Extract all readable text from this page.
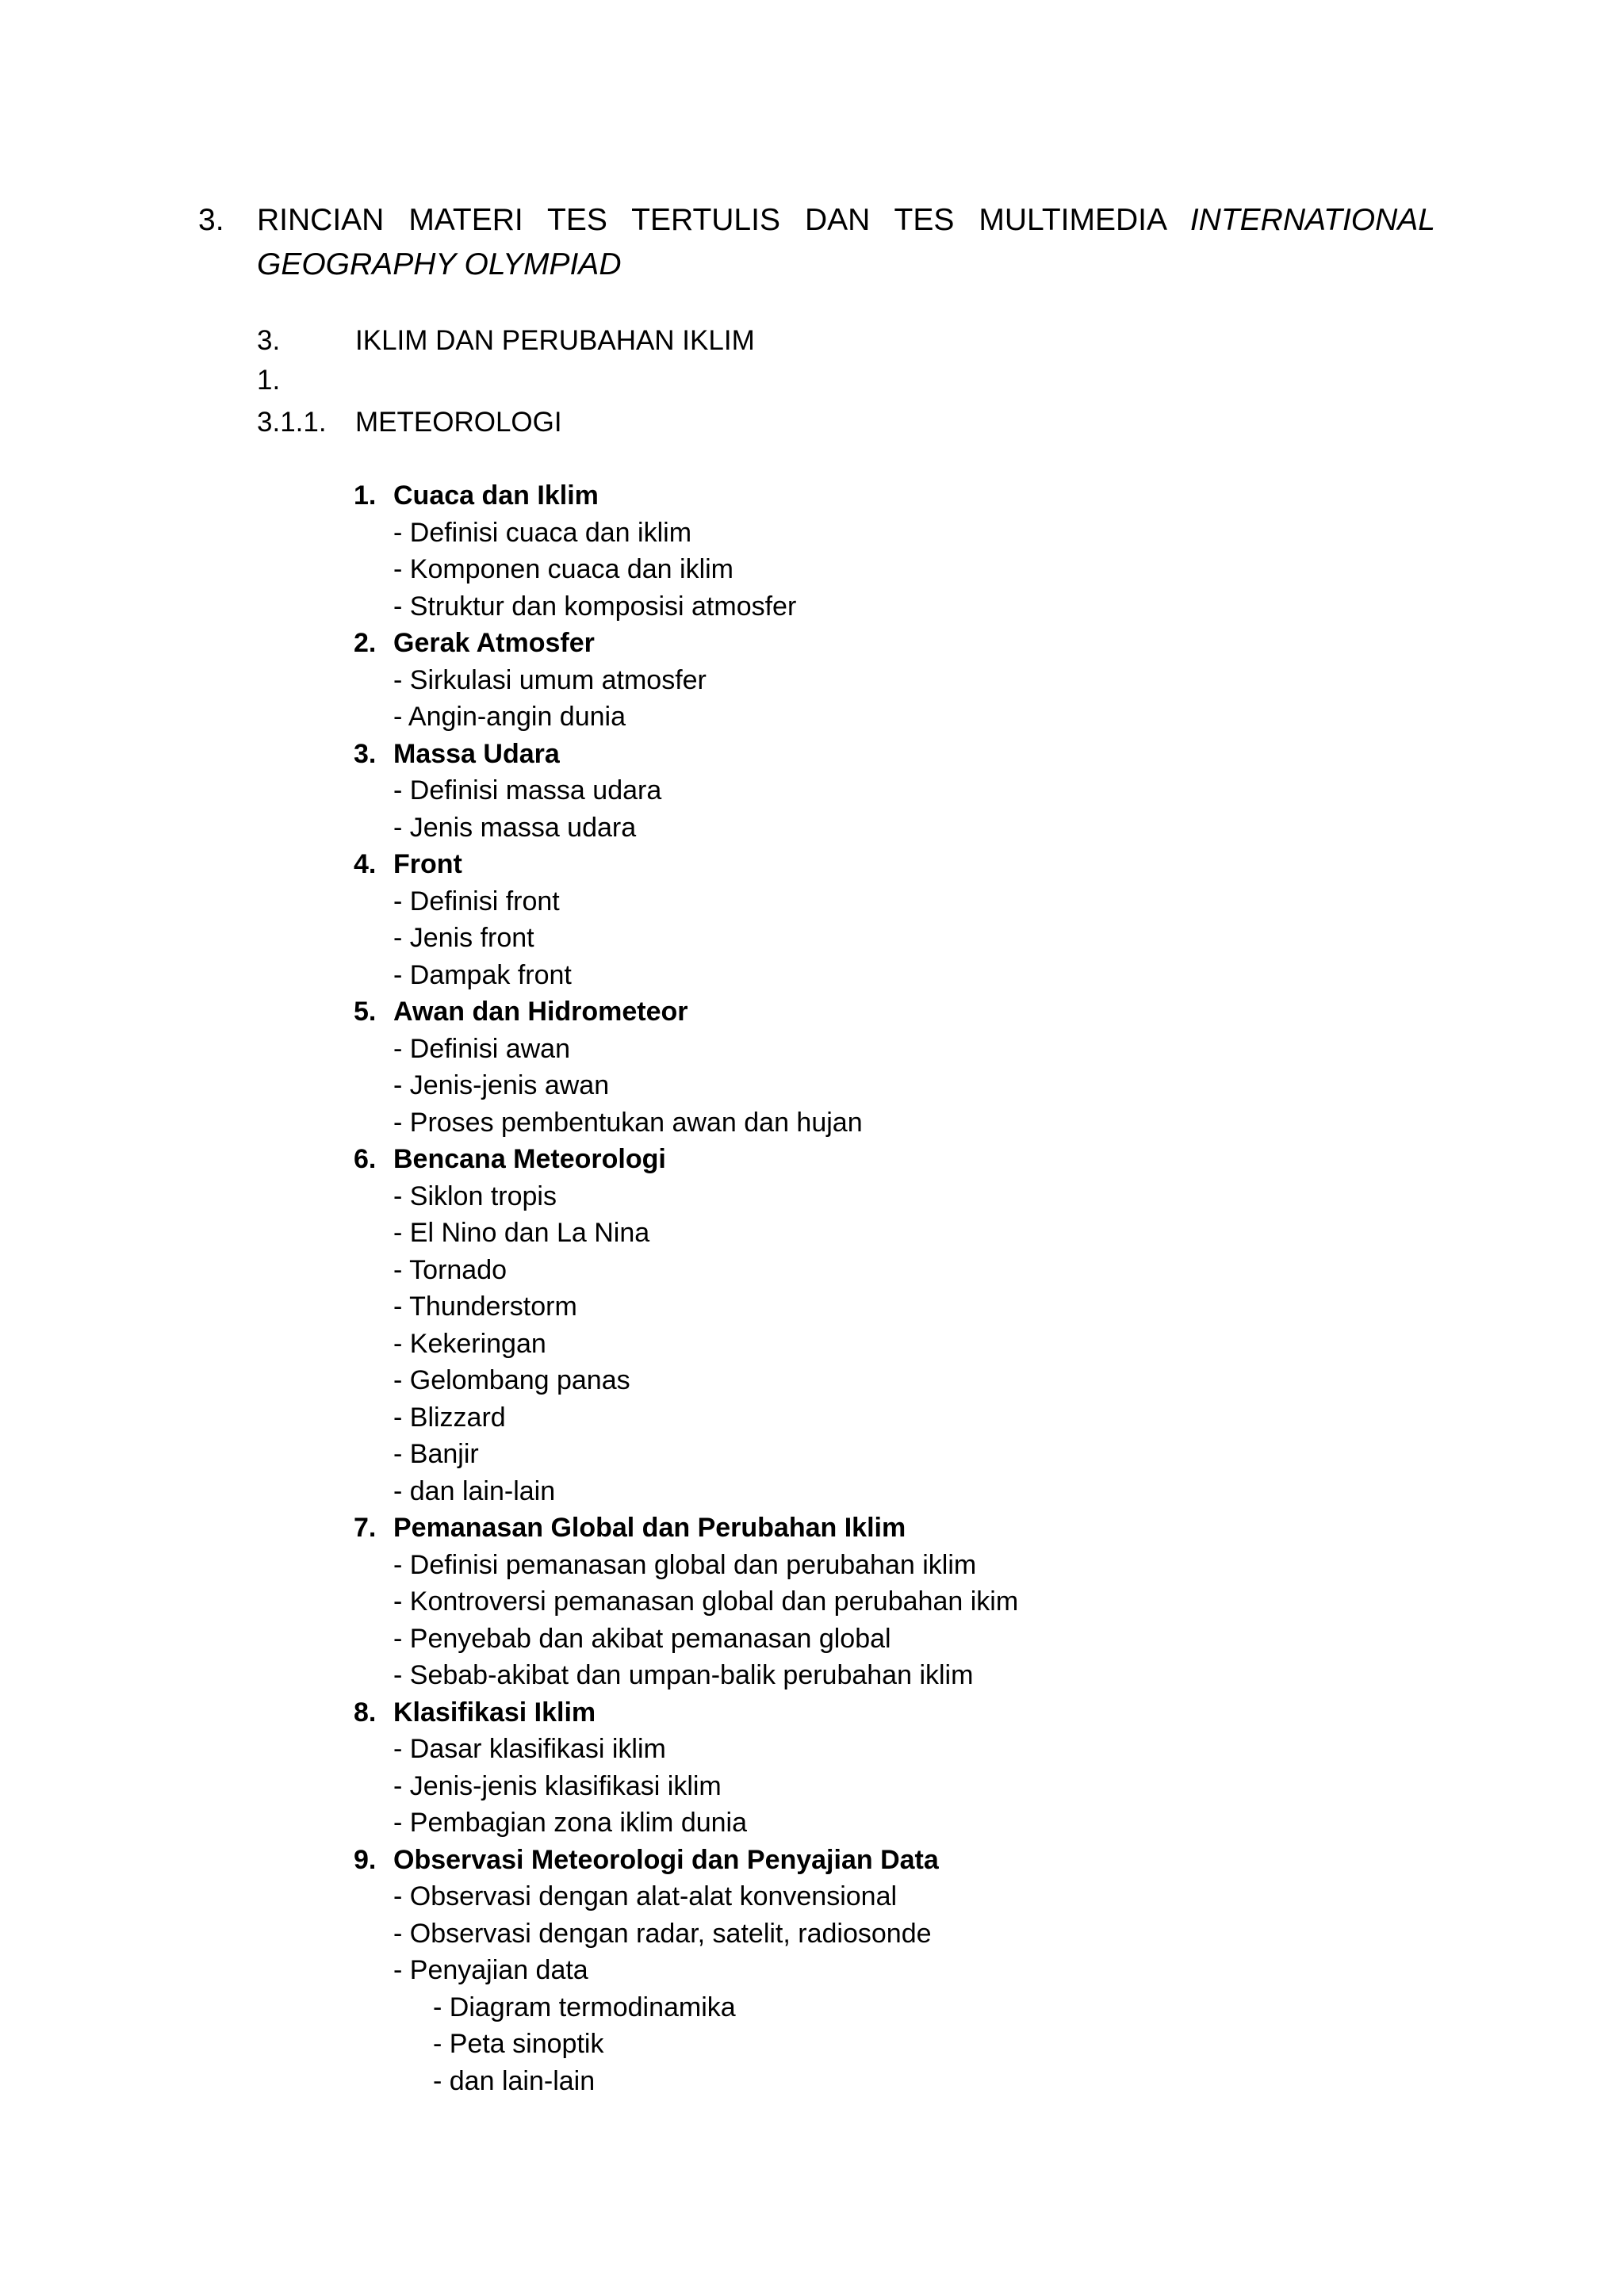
3. RINCIAN MATERI TES TERTULIS DAN TES MULTIMEDIA INTERNATIONAL
GEOGRAPHY OLYMPIAD
3. 1.
IKLIM DAN PERUBAHAN IKLIM
3.1.1. METEOROLOGI
1. Cuaca dan Iklim
- Definisi cuaca dan iklim
- Komponen cuaca dan iklim
- Struktur dan komposisi atmosfer
2. Gerak Atmosfer
- Sirkulasi umum atmosfer
- Angin-angin dunia
3. Massa Udara
- Definisi massa udara
- Jenis massa udara
4. Front
- Definisi front
- Jenis front
- Dampak front
5. Awan dan Hidrometeor
- Definisi awan
- Jenis-jenis awan
- Proses pembentukan awan dan hujan
6. Bencana Meteorologi
- Siklon tropis
- El Nino dan La Nina
- Tornado
- Thunderstorm
- Kekeringan
- Gelombang panas
- Blizzard
- Banjir
- dan lain-lain
7. Pemanasan Global dan Perubahan Iklim
- Definisi pemanasan global dan perubahan iklim
- Kontroversi pemanasan global dan perubahan ikim
- Penyebab dan akibat pemanasan global
- Sebab-akibat dan umpan-balik perubahan iklim
8. Klasifikasi Iklim
- Dasar klasifikasi iklim
- Jenis-jenis klasifikasi iklim
- Pembagian zona iklim dunia
9. Observasi Meteorologi dan Penyajian Data
- Observasi dengan alat-alat konvensional
- Observasi dengan radar, satelit, radiosonde
- Penyajian data
- Diagram termodinamika
- Peta sinoptik
- dan lain-lain
